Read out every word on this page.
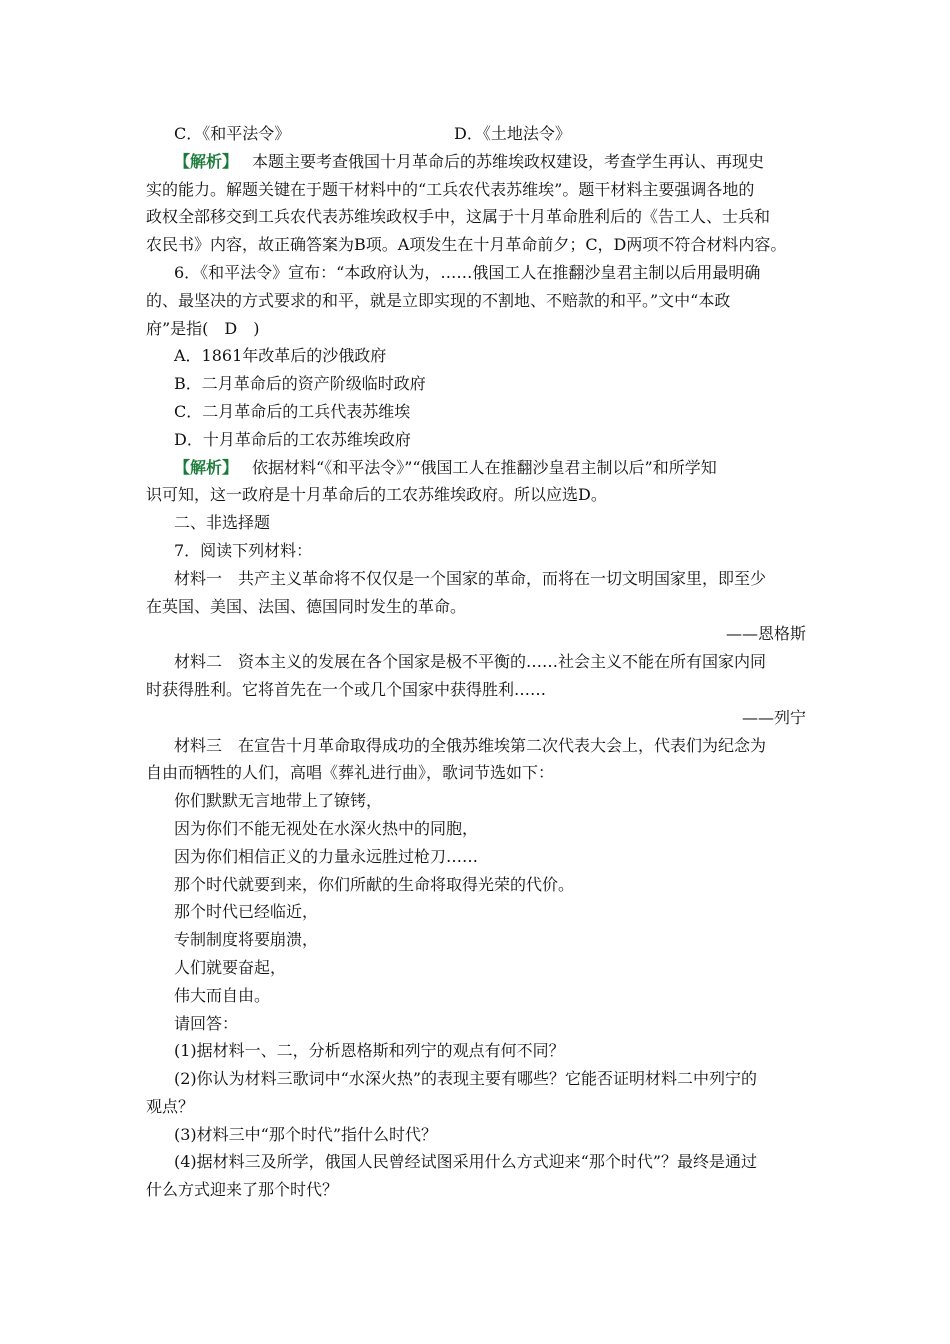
C．《和平法令》	D．《土地法令》
【解析】 本题主要考查俄国十月革命后的苏维埃政权建设，考查学生再认、再现史
实的能力。解题关键在于题干材料中的“工兵农代表苏维埃”。题干材料主要强调各地的
政权全部移交到工兵农代表苏维埃政权手中，这属于十月革命胜利后的《告工人、士兵和
农民书》内容，故正确答案为B项。A项发生在十月革命前夕；C，D两项不符合材料内容。
6．《和平法令》宣布：“本政府认为，……俄国工人在推翻沙皇君主制以后用最明确
的、最坚决的方式要求的和平，就是立即实现的不割地、不赔款的和平。”文中“本政
府”是指(　D　)
A．1861年改革后的沙俄政府
B．二月革命后的资产阶级临时政府
C．二月革命后的工兵代表苏维埃
D．十月革命后的工农苏维埃政府
【解析】 依据材料“《和平法令》”“俄国工人在推翻沙皇君主制以后”和所学知
识可知，这一政府是十月革命后的工农苏维埃政府。所以应选D。
二、非选择题
7．阅读下列材料：
材料一　共产主义革命将不仅仅是一个国家的革命，而将在一切文明国家里，即至少
在英国、美国、法国、德国同时发生的革命。
——恩格斯
材料二　资本主义的发展在各个国家是极不平衡的……社会主义不能在所有国家内同
时获得胜利。它将首先在一个或几个国家中获得胜利……
——列宁
材料三　在宣告十月革命取得成功的全俄苏维埃第二次代表大会上，代表们为纪念为
自由而牺牲的人们，高唱《葬礼进行曲》，歌词节选如下：
你们默默无言地带上了镣铐，
因为你们不能无视处在水深火热中的同胞，
因为你们相信正义的力量永远胜过枪刀……
那个时代就要到来，你们所献的生命将取得光荣的代价。
那个时代已经临近，
专制制度将要崩溃，
人们就要奋起，
伟大而自由。
请回答：
(1)据材料一、二，分析恩格斯和列宁的观点有何不同？
(2)你认为材料三歌词中“水深火热”的表现主要有哪些？它能否证明材料二中列宁的
观点？
(3)材料三中“那个时代”指什么时代？
(4)据材料三及所学，俄国人民曾经试图采用什么方式迎来“那个时代”？最终是通过
什么方式迎来了那个时代？
